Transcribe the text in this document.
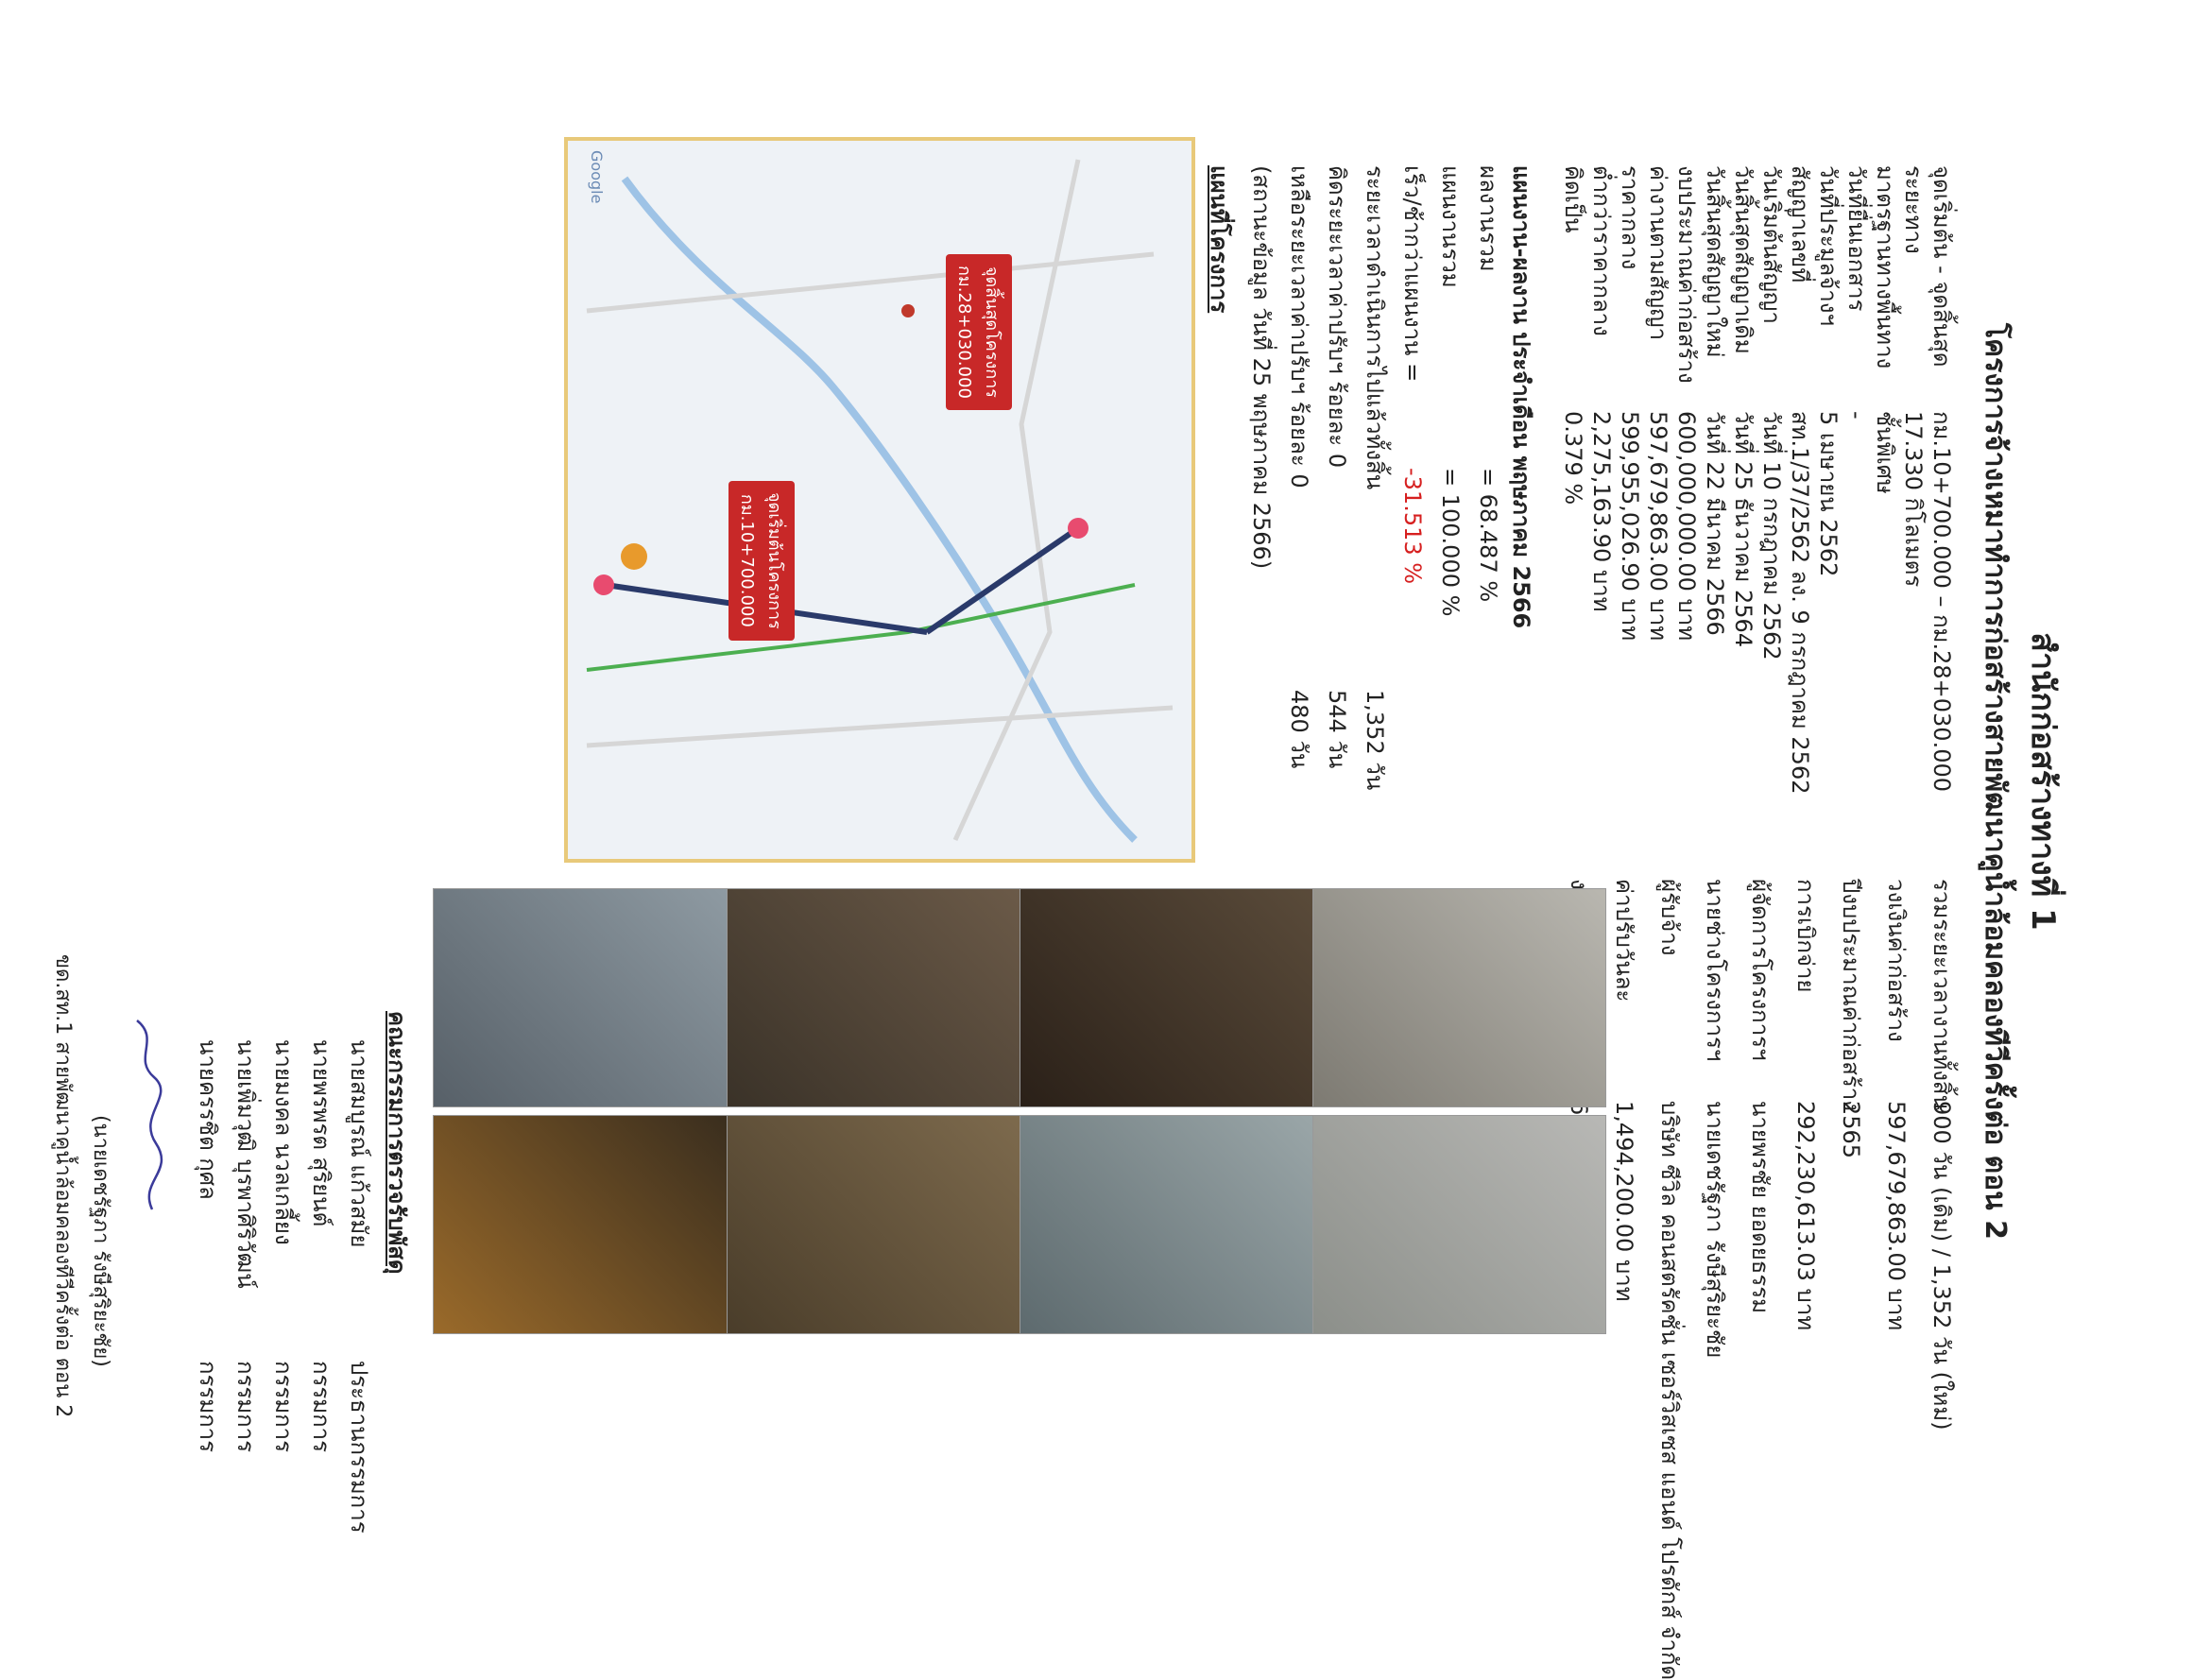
สำนักก่อสร้างทางที่ 1
โครงการจ้างเหมาทำการก่อสร้างสายพัฒนาคูน้ำล้อมคลองทีวีครั้งต่อ ตอน 2
จุดเริ่มต้น - จุดสิ้นสุด
กม.10+700.000 – กม.28+030.000
ระยะทาง
17.330 กิโลเมตร
มาตรฐานทางพื้นทาง
ชั้นพิเศษ
วันที่ยื่นเอกสาร
-
วันที่ประมูลจ้างฯ
5 เมษายน 2562
สัญญาเลขที่
สท.1/37/2562 ลง. 9 กรกฎาคม 2562
วันเริ่มต้นสัญญา
วันที่ 10 กรกฎาคม 2562
วันสิ้นสุดสัญญาเดิม
วันที่ 25 ธันวาคม 2564
วันสิ้นสุดสัญญาใหม่
วันที่ 22 มีนาคม 2566
งบประมาณค่าก่อสร้าง
600,000,000.00 บาท
ค่างานตามสัญญา
597,679,863.00 บาท
ราคากลาง
599,955,026.90 บาท
ต่ำกว่าราคากลาง
2,275,163.90 บาท
คิดเป็น
0.379 %
รวมระยะเวลางานทั้งสิ้น
900 วัน (เดิม) / 1,352 วัน (ใหม่)
วงเงินค่าก่อสร้าง
597,679,863.00 บาท
ปีงบประมาณค่าก่อสร้าง
2565
การเบิกจ่าย
292,230,613.03 บาท
ผู้จัดการโครงการฯ
นายพรชัย ยอดยธรรม
นายช่างโครงการฯ
นายเดชรัฐภา รังษีสุริยะชัย
ผู้รับจ้าง
บริษัท ซีวิล คอนสตรัคชั่น เซอร์วิสเซส แอนด์ โปรดักส์ จำกัด
ค่าปรับวันละ
1,494,200.00 บาท
แผนงาน-ผลงาน ประจำเดือน พฤษภาคม 2566
ผลงานรวม
= 68.487 %
แผนงานรวม
= 100.000 %
เร็ว/ช้ากว่าแผนงาน =
-31.513 %
ระยะเวลาดำเนินการไปแล้วทั้งสิ้น
1,352 วัน
คิดระยะเวลาค่าปรับฯ ร้อยละ 0
544 วัน
เหลือระยะเวลาค่าปรับฯ ร้อยละ 0
480 วัน
(สถานะข้อมูล วันที่ 25 พฤษภาคม 2566)
แผนที่โครงการ
จุดสิ้นสุดโครงการ
กม.28+030.000
จุดเริ่มต้นโครงการ
กม.10+700.000
Google
คณะกรรมการตรวจรับพัสดุ
นายสมบูรณ์ แก้วสมัย
ประธานกรรมการ
นายพรพรต สุริยนต์
กรรมการ
นายมงคล นวลเกลี้ยง
กรรมการ
นายเพิ่มวุฒิ บุรพาศิริวัฒน์
กรรมการ
นายครรชิต กุศล
กรรมการ
(นายเดชรัฐภา รังษีสุริยะชัย)
ขด.สท.1 สายพัฒนาคูน้ำล้อมคลองทีวีครั้งต่อ ตอน 2
